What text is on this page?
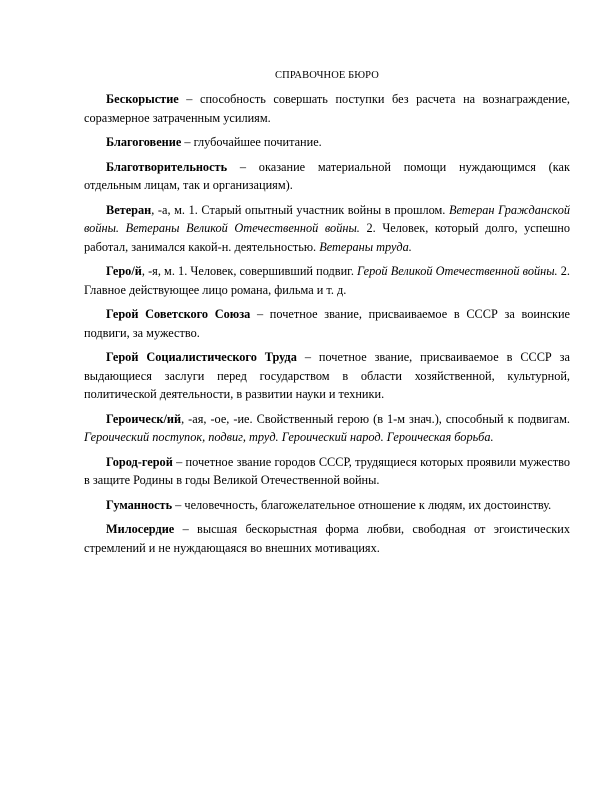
СПРАВОЧНОЕ БЮРО

Бескорыстие – способность совершать поступки без расчета на вознаграждение, соразмерное затраченным усилиям.

Благоговение – глубочайшее почитание.

Благотворительность – оказание материальной помощи нуждающимся (как отдельным лицам, так и организациям).

Ветеран, -а, м. 1. Старый опытный участник войны в прошлом. Ветеран Гражданской войны. Ветераны Великой Отечественной войны. 2. Человек, который долго, успешно работал, занимался какой-н. деятельностью. Ветераны труда.

Геро/й, -я, м. 1. Человек, совершивший подвиг. Герой Великой Отечественной войны. 2. Главное действующее лицо романа, фильма и т. д.

Герой Советского Союза – почетное звание, присваиваемое в СССР за воинские подвиги, за мужество.

Герой Социалистического Труда – почетное звание, присваиваемое в СССР за выдающиеся заслуги перед государством в области хозяйственной, культурной, политической деятельности, в развитии науки и техники.

Героическ/ий, -ая, -ое, -ие. Свойственный герою (в 1-м знач.), способный к подвигам. Героический поступок, подвиг, труд. Героический народ. Героическая борьба.

Город-герой – почетное звание городов СССР, трудящиеся которых проявили мужество в защите Родины в годы Великой Отечественной войны.

Гуманность – человечность, благожелательное отношение к людям, их достоинству.

Милосердие – высшая бескорыстная форма любви, свободная от эгоистических стремлений и не нуждающаяся во внешних мотивациях.
